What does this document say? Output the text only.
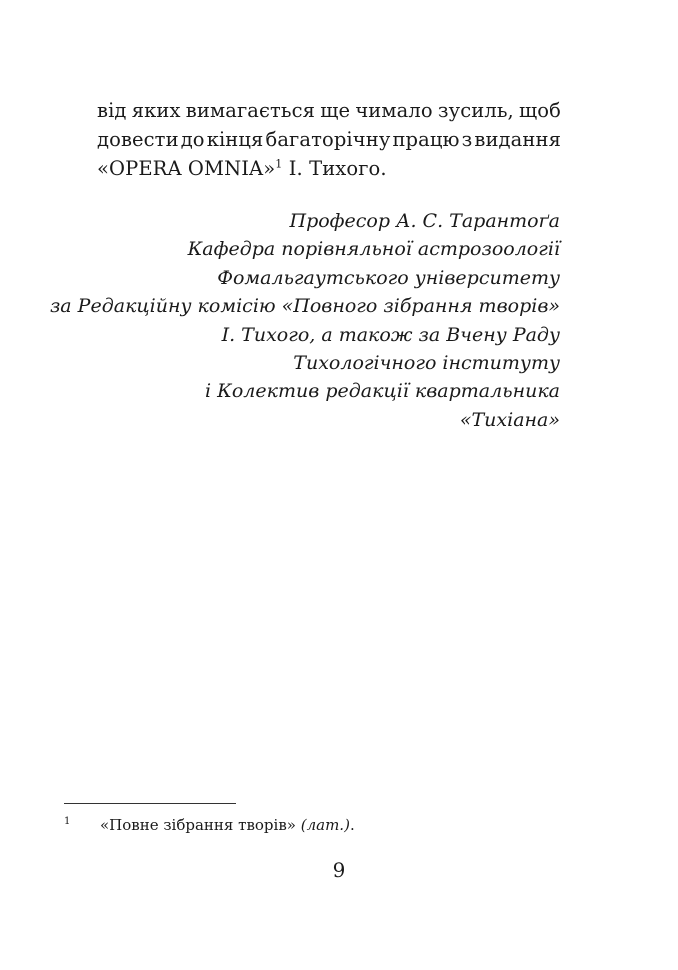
від яких вимагається ще чимало зусиль, щоб
довести до кінця багаторічну працю з видання
«OPERA OMNIA»$^1$ І. Тихого.
Професор А. С. Тарантоґа
Кафедра порівняльної астрозоології
Фомальгаутського університету
за Редакційну комісію «Повного зібрання творів»
І. Тихого, а також за Вчену Раду
Тихологічного інституту
і Колектив редакції квартальника
«Тихіана»
1 «Повне зібрання творів» (лат.).
9
